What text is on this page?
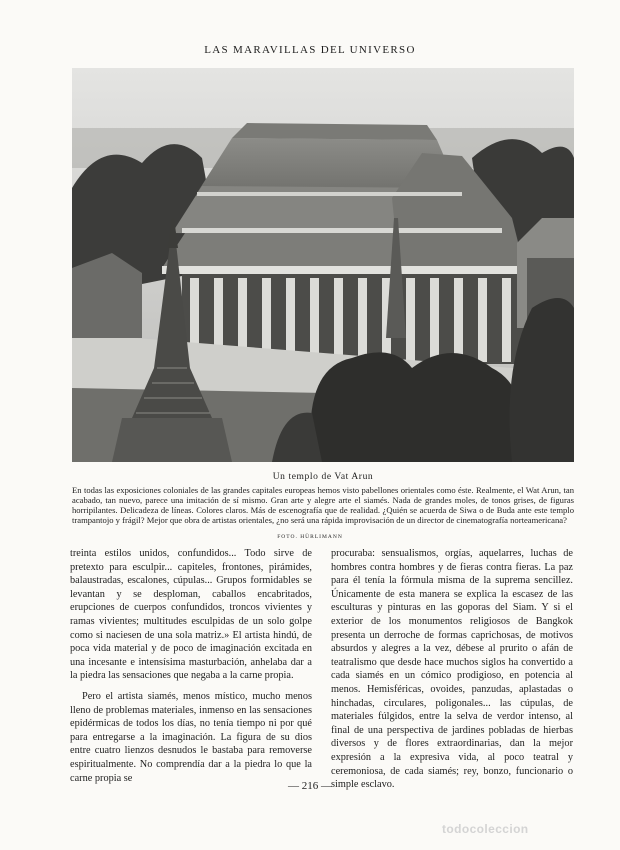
LAS MARAVILLAS DEL UNIVERSO
Un templo de Vat Arun
En todas las exposiciones coloniales de las grandes capitales europeas hemos visto pabellones orientales como éste. Realmente, el Wat Arun, tan acabado, tan nuevo, parece una imitación de sí mismo. Gran arte y alegre arte el siamés. Nada de grandes moles, de tonos grises, de figuras horripilantes. Delicadeza de líneas. Colores claros. Más de escenografía que de realidad. ¿Quién se acuerda de Siwa o de Buda ante este templo trampantojo y frágil? Mejor que obra de artistas orientales, ¿no será una rápida improvisación de un director de cinematografía norteamericana?
FOTO. HÜRLIMANN

treinta estilos unidos, confundidos... Todo sirve de pretexto para esculpir... capiteles, frontones, pirámides, balaustradas, escalones, cúpulas... Grupos formidables se levantan y se desploman, caballos encabritados, erupciones de cuerpos confundidos, troncos vivientes y ramas vivientes; multitudes esculpidas de un solo golpe como si naciesen de una sola matriz.» El artista hindú, de poca vida material y de poco de imaginación excitada en una incesante e intensísima masturbación, anhelaba dar a la piedra las sensaciones que negaba a la carne propia.

Pero el artista siamés, menos místico, mucho menos lleno de problemas materiales, inmenso en las sensaciones epidérmicas de todos los días, no tenía tiempo ni por qué para entregarse a la imaginación. La figura de su dios entre cuatro lienzos desnudos le bastaba para removerse espiritualmente. No comprendía dar a la piedra lo que la carne propia se

procuraba: sensualismos, orgías, aquelarres, luchas de hombres contra hombres y de fieras contra fieras. La paz para él tenía la fórmula misma de la suprema sencillez. Únicamente de esta manera se explica la escasez de las esculturas y pinturas en las goporas del Siam. Y si el exterior de los monumentos religiosos de Bangkok presenta un derroche de formas caprichosas, de motivos absurdos y alegres a la vez, débese al prurito o afán de teatralismo que desde hace muchos siglos ha convertido a cada siamés en un cómico prodigioso, en potencia al menos. Hemisféricas, ovoides, panzudas, aplastadas o hinchadas, circulares, poligonales... las cúpulas, de materiales fúlgidos, entre la selva de verdor intenso, al final de una perspectiva de jardines pobladas de hierbas diversos y de flores extraordinarias, dan la mejor expresión a la expresiva vida, al poco teatral y ceremoniosa, de cada siamés; rey, bonzo, funcionario o simple esclavo.

— 216 —
todocoleccion
